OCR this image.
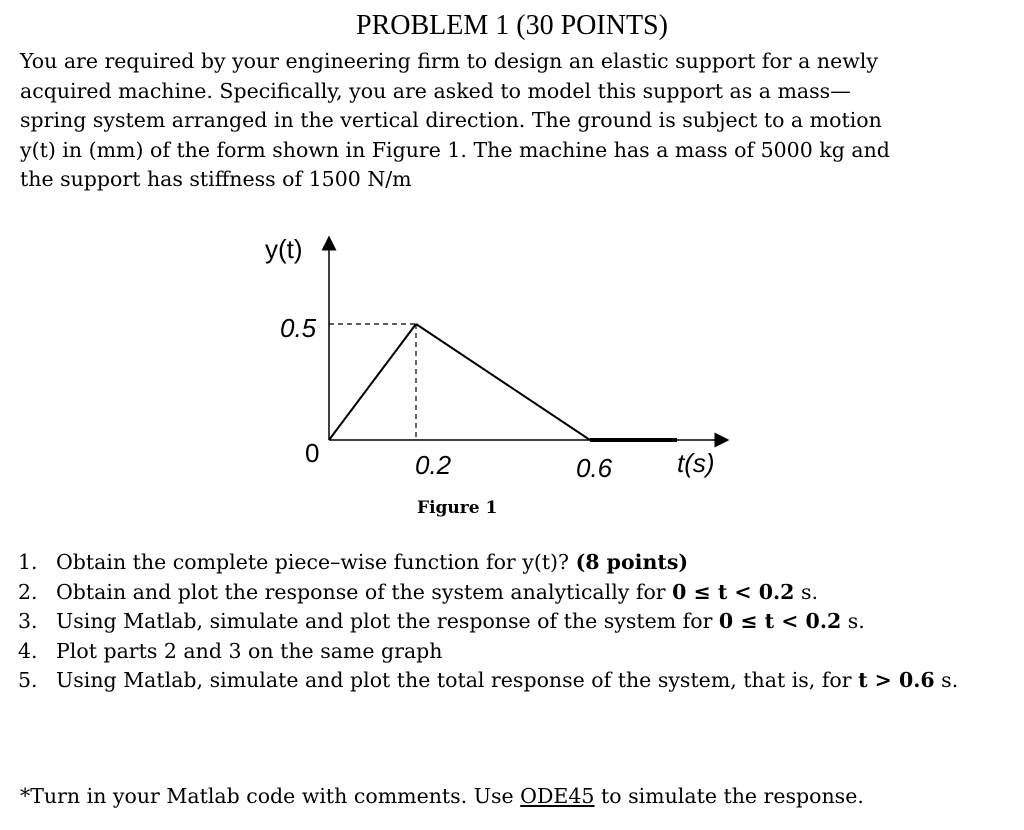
PROBLEM 1 (30 POINTS)
You are required by your engineering firm to design an elastic support for a newly
acquired machine. Specifically, you are asked to model this support as a mass—
spring system arranged in the vertical direction. The ground is subject to a motion
y(t) in (mm) of the form shown in Figure 1. The machine has a mass of 5000 kg and
the support has stiffness of 1500 N/m
y(t)
0.5
0	0.2	0.6 t(s)
Figure 1
1. Obtain the complete piece–wise function for y(t)? (8 points)
2. Obtain and plot the response of the system analytically for 0 ≤ t < 0.2 s.
3. Using Matlab, simulate and plot the response of the system for 0 ≤ t < 0.2 s.
4. Plot parts 2 and 3 on the same graph
5. Using Matlab, simulate and plot the total response of the system, that is, for t > 0.6 s.
*Turn in your Matlab code with comments. Use ODE45 to simulate the response.
